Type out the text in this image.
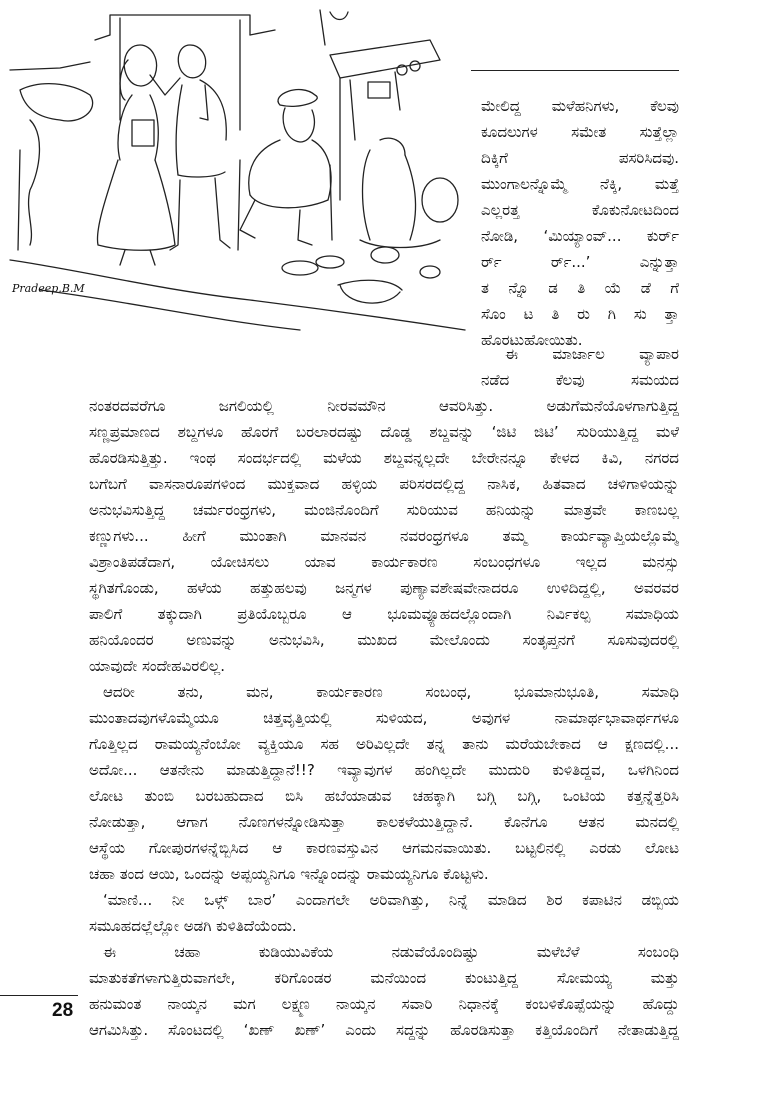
Pradeep.B.M
ಮೇಲಿದ್ದ ಮಳೆಹನಿಗಳು, ಕೆಲವು
ಕೂದಲುಗಳ ಸಮೇತ ಸುತ್ತೆಲ್ಲಾ
ದಿಕ್ಕಿಗೆ ಪಸರಿಸಿದವು.
ಮುಂಗಾಲನ್ನೊಮ್ಮೆ ನೆಕ್ಕಿ, ಮತ್ತೆ
ಎಲ್ಲರತ್ತ ಕೊಕುನೋಟದಿಂದ
ನೋಡಿ, ‘ಮಿಯ್ಯಾಂವ್... ಕುರ್ರ್
ರ್ರ್ ರ್ರ್...’ ಎನ್ನುತ್ತಾ
ತ ನ್ನೊ ಡ ತಿ ಯೆ ಡೆ ಗೆ
ಸೊಂ ಟ ತಿ ರು ಗಿ ಸು ತ್ತಾ
ಹೊರಟುಹೋಯಿತು.
ಈ ಮಾರ್ಜಾಲ ವ್ಯಾಪಾರ
ನಡೆದ ಕೆಲವು ಸಮಯದ
ನಂತರದವರೆಗೂ ಜಗಲಿಯಲ್ಲಿ ನೀರವಮೌನ ಆವರಿಸಿತ್ತು. ಅಡುಗೆಮನೆಯೊಳಗಾಗುತ್ತಿದ್ದ
ಸಣ್ಣಪ್ರಮಾಣದ ಶಬ್ದಗಳೂ ಹೊರಗೆ ಬರಲಾರದಷ್ಟು ದೊಡ್ಡ ಶಬ್ದವನ್ನು ‘ಜಿಟಿ ಜಿಟಿ’ ಸುರಿಯುತ್ತಿದ್ದ ಮಳೆ
ಹೊರಡಿಸುತ್ತಿತ್ತು. ಇಂಥ ಸಂದರ್ಭದಲ್ಲಿ ಮಳೆಯ ಶಬ್ದವನ್ನಲ್ಲದೇ ಬೇರೇನನ್ನೂ ಕೇಳದ ಕಿವಿ, ನಗರದ
ಬಗೆಬಗೆ ವಾಸನಾರೂಪಗಳಿಂದ ಮುಕ್ತವಾದ ಹಳ್ಳಿಯ ಪರಿಸರದಲ್ಲಿದ್ದ ನಾಸಿಕ, ಹಿತವಾದ ಚಳಿಗಾಳಿಯನ್ನು
ಅನುಭವಿಸುತ್ತಿದ್ದ ಚರ್ಮರಂಧ್ರಗಳು, ಮಂಜಿನೊಂದಿಗೆ ಸುರಿಯುವ ಹನಿಯನ್ನು ಮಾತ್ರವೇ ಕಾಣಬಲ್ಲ
ಕಣ್ಣುಗಳು... ಹೀಗೆ ಮುಂತಾಗಿ ಮಾನವನ ನವರಂಧ್ರಗಳೂ ತಮ್ಮ ಕಾರ್ಯವ್ಯಾಪ್ತಿಯಲ್ಲೊಮ್ಮೆ
ವಿಶ್ರಾಂತಿಪಡೆದಾಗ, ಯೋಚಿಸಲು ಯಾವ ಕಾರ್ಯಕಾರಣ ಸಂಬಂಧಗಳೂ ಇಲ್ಲದ ಮನಸ್ಸು
ಸ್ಥಗಿತಗೊಂಡು, ಹಳೆಯ ಹತ್ತುಹಲವು ಜನ್ಮಗಳ ಪುಣ್ಯಾವಶೇಷವೇನಾದರೂ ಉಳಿದಿದ್ದಲ್ಲಿ, ಅವರವರ
ಪಾಲಿಗೆ ತಕ್ಕುದಾಗಿ ಪ್ರತಿಯೊಬ್ಬರೂ ಆ ಭೂಮವ್ಯೂಹದಲ್ಲೊಂದಾಗಿ ನಿರ್ವಿಕಲ್ಪ ಸಮಾಧಿಯ
ಹನಿಯೊಂದರ ಅಣುವನ್ನು ಅನುಭವಿಸಿ, ಮುಖದ ಮೇಲೊಂದು ಸಂತೃಪ್ತನಗೆ ಸೂಸುವುದರಲ್ಲಿ
ಯಾವುದೇ ಸಂದೇಹವಿರಲಿಲ್ಲ.
ಆದರೀ ತನು, ಮನ, ಕಾರ್ಯಕಾರಣ ಸಂಬಂಧ, ಭೂಮಾನುಭೂತಿ, ಸಮಾಧಿ
ಮುಂತಾದವುಗಳೊಮ್ಮೆಯೂ ಚಿತ್ತವೃತ್ತಿಯಲ್ಲಿ ಸುಳಿಯದ, ಅವುಗಳ ನಾಮಾರ್ಥಭಾವಾರ್ಥಗಳೂ
ಗೊತ್ತಿಲ್ಲದ ರಾಮಯ್ಯನೆಂಬೋ ವ್ಯಕ್ತಿಯೂ ಸಹ ಅರಿವಿಲ್ಲದೇ ತನ್ನ ತಾನು ಮರೆಯಬೇಕಾದ ಆ ಕ್ಷಣದಲ್ಲಿ...
ಅದೋ... ಆತನೇನು ಮಾಡುತ್ತಿದ್ದಾನೆ!!? ಇವ್ಯಾವುಗಳ ಹಂಗಿಲ್ಲದೇ ಮುದುರಿ ಕುಳಿತಿದ್ದವ, ಒಳಗಿನಿಂದ
ಲೋಟ ತುಂಬಿ ಬರಬಹುದಾದ ಬಿಸಿ ಹಬೆಯಾಡುವ ಚಹಕ್ಕಾಗಿ ಬಗ್ಗಿ ಬಗ್ಗಿ, ಒಂಟಿಯ ಕತ್ತನ್ನೆತ್ತರಿಸಿ
ನೋಡುತ್ತಾ, ಆಗಾಗ ನೊಣಗಳನ್ನೋಡಿಸುತ್ತಾ ಕಾಲಕಳೆಯುತ್ತಿದ್ದಾನೆ. ಕೊನೆಗೂ ಆತನ ಮನದಲ್ಲಿ
ಆಸ್ಥೆಯ ಗೋಪುರಗಳನ್ನೆಬ್ಬಿಸಿದ ಆ ಕಾರಣವಸ್ತುವಿನ ಆಗಮನವಾಯಿತು. ಬಟ್ಟಲಿನಲ್ಲಿ ಎರಡು ಲೋಟ
ಚಹಾ ತಂದ ಆಯಿ, ಒಂದನ್ನು ಅಪ್ಪಯ್ಯನಿಗೂ ಇನ್ನೊಂದನ್ನು ರಾಮಯ್ಯನಿಗೂ ಕೊಟ್ಟಳು.
‘ಮಾಣಿ... ನೀ ಒಳ್ಗ್ ಬಾರ’ ಎಂದಾಗಲೇ ಅರಿವಾಗಿತ್ತು, ನಿನ್ನೆ ಮಾಡಿದ ಶಿರ ಕಪಾಟಿನ ಡಬ್ಬಿಯ
ಸಮೂಹದಲ್ಲೆಲ್ಲೋ ಅಡಗಿ ಕುಳಿತಿದೆಯೆಂದು.
ಈ ಚಹಾ ಕುಡಿಯುವಿಕೆಯ ನಡುವೆಯೊಂದಿಷ್ಟು ಮಳೆಬೆಳೆ ಸಂಬಂಧಿ
ಮಾತುಕತೆಗಳಾಗುತ್ತಿರುವಾಗಲೇ, ಕರಿಗೊಂಡರ ಮನೆಯಿಂದ ಕುಂಟುತ್ತಿದ್ದ ಸೋಮಯ್ಯ ಮತ್ತು
ಹನುಮಂತ ನಾಯ್ಕನ ಮಗ ಲಕ್ಷ್ಮಣ ನಾಯ್ಕನ ಸವಾರಿ ನಿಧಾನಕ್ಕೆ ಕಂಬಳಿಕೊಪ್ಪೆಯನ್ನು ಹೊದ್ದು
ಆಗಮಿಸಿತ್ತು. ಸೊಂಟದಲ್ಲಿ ‘ಖಣ್ ಖಣ್’ ಎಂದು ಸದ್ದನ್ನು ಹೊರಡಿಸುತ್ತಾ ಕತ್ತಿಯೊಂದಿಗೆ ನೇತಾಡುತ್ತಿದ್ದ
28
